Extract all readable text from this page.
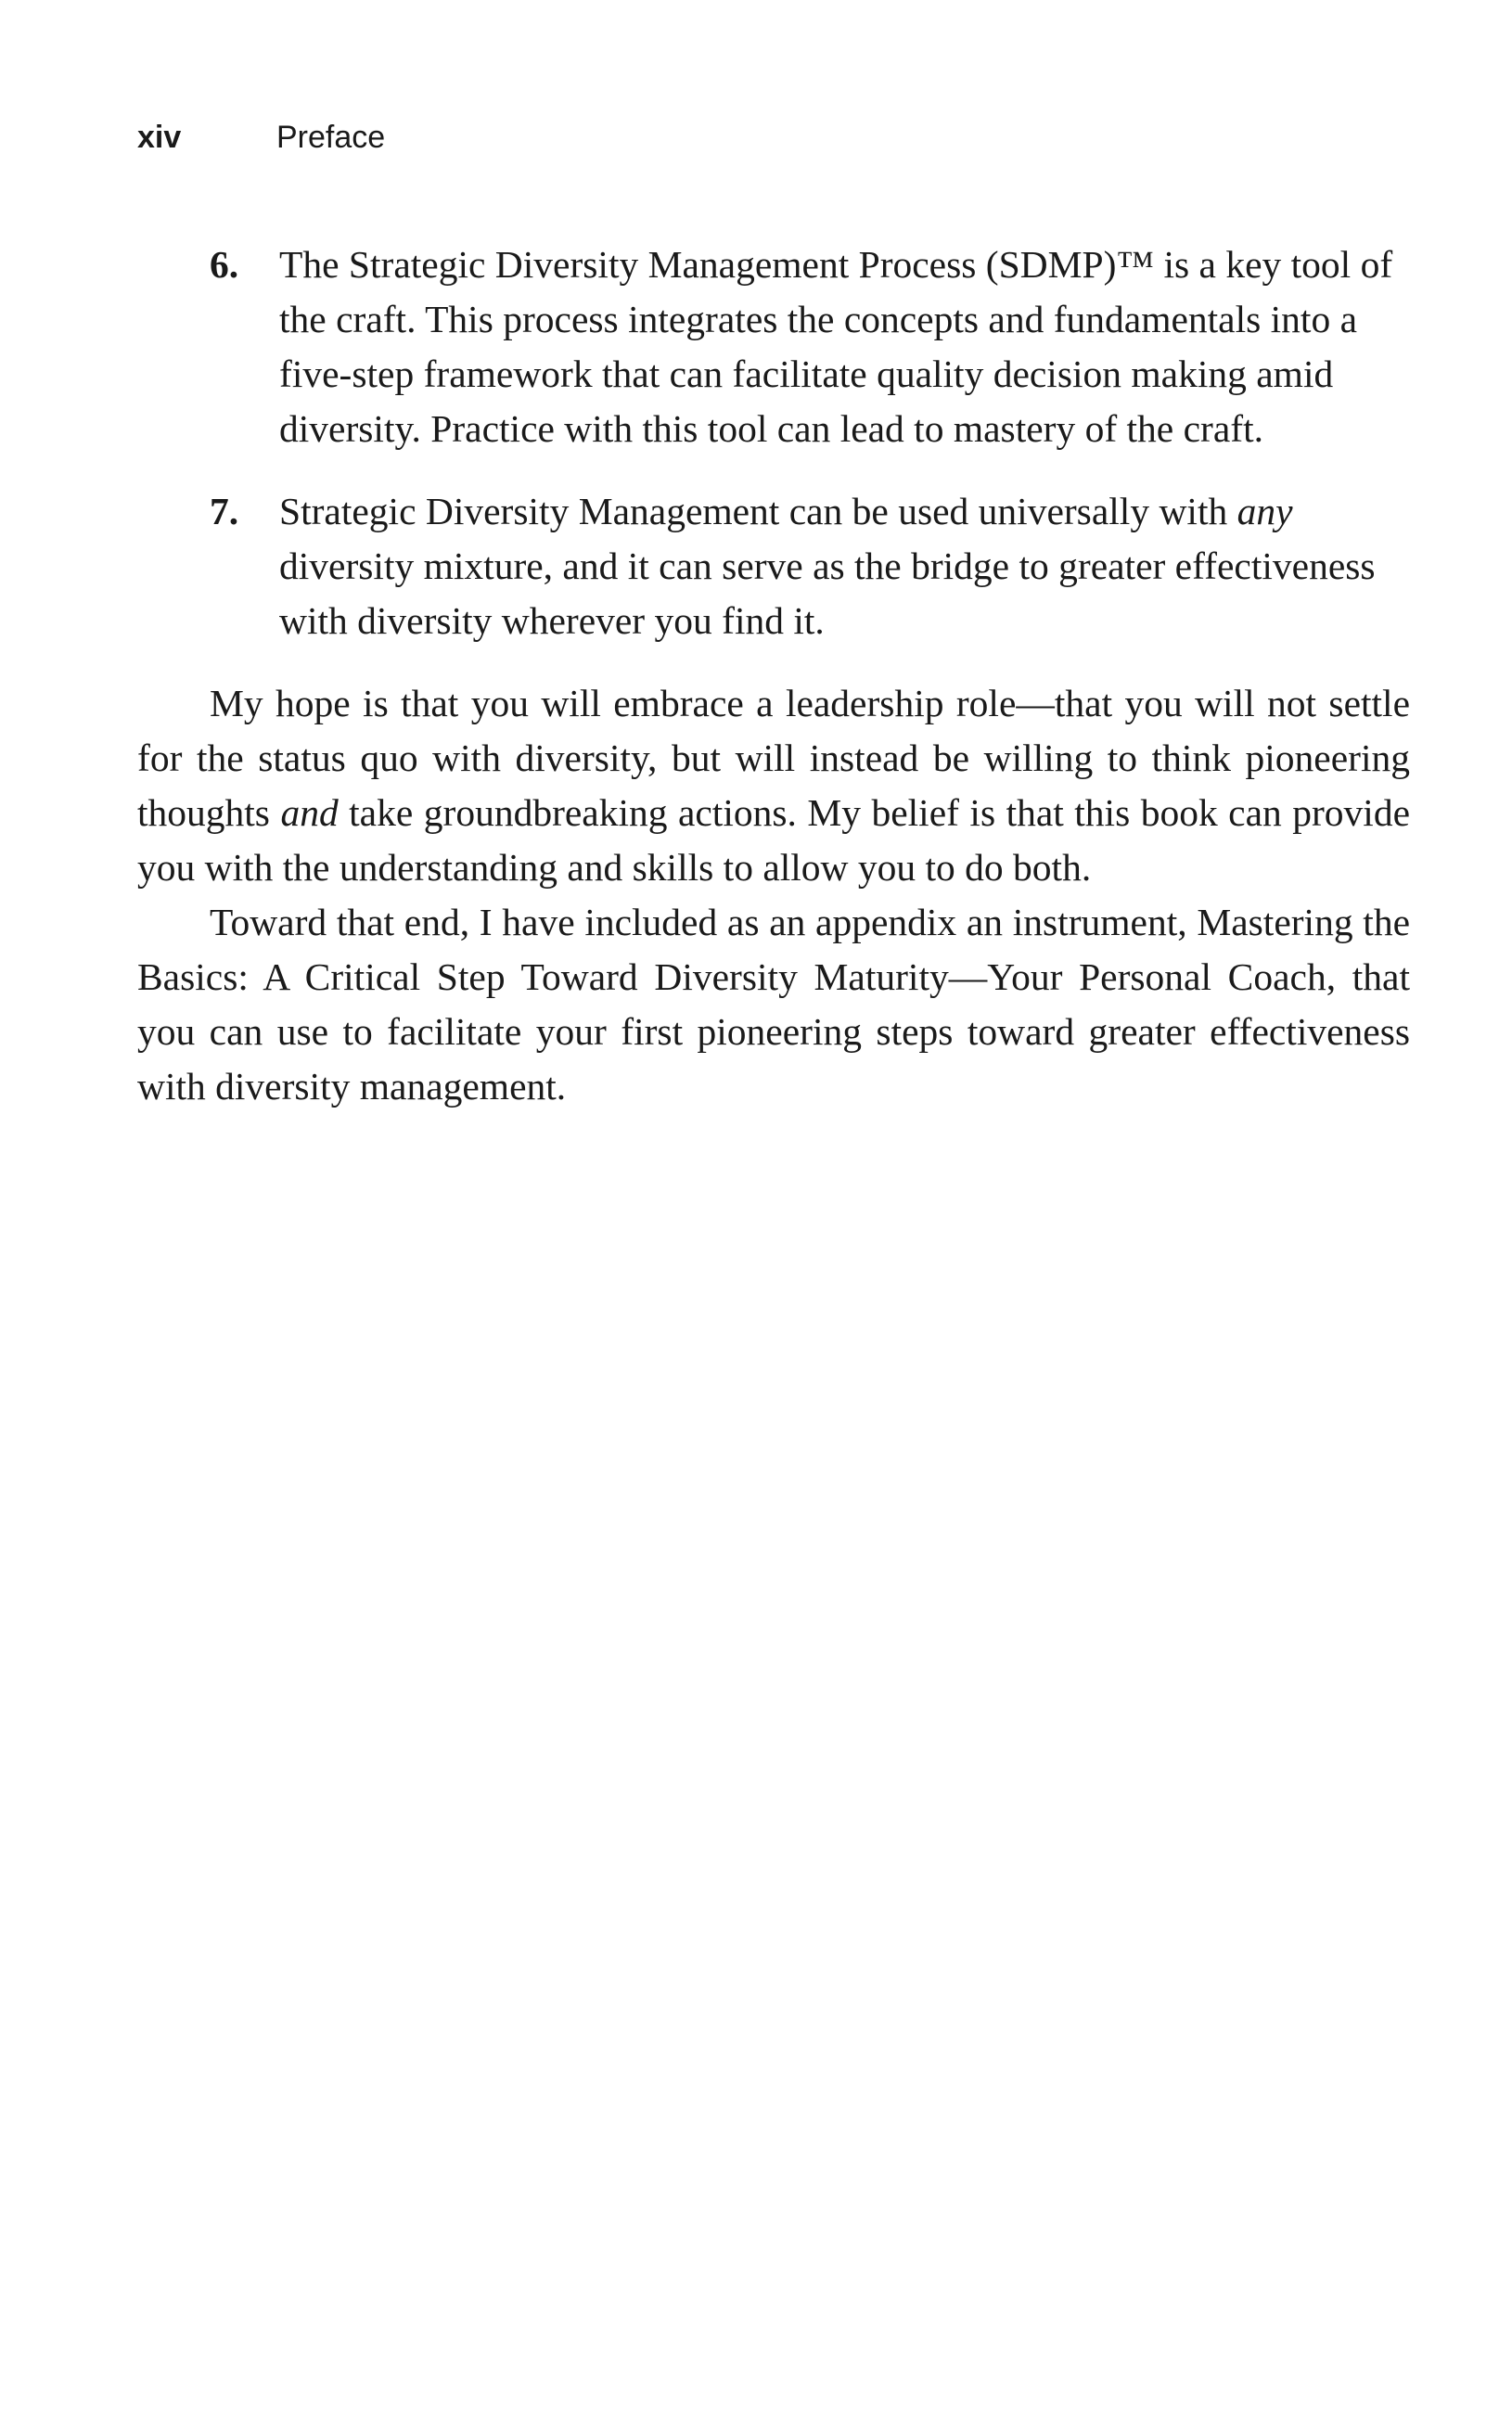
xiv	Preface
6. The Strategic Diversity Management Process (SDMP)™ is a key tool of the craft. This process integrates the concepts and fundamentals into a five-step framework that can facilitate quality decision making amid diversity. Practice with this tool can lead to mastery of the craft.
7. Strategic Diversity Management can be used universally with any diversity mixture, and it can serve as the bridge to greater effectiveness with diversity wherever you find it.

My hope is that you will embrace a leadership role—that you will not settle for the status quo with diversity, but will instead be willing to think pioneering thoughts and take groundbreaking actions. My belief is that this book can provide you with the understanding and skills to allow you to do both.

Toward that end, I have included as an appendix an instrument, Mastering the Basics: A Critical Step Toward Diversity Maturity—Your Personal Coach, that you can use to facilitate your first pioneering steps toward greater effectiveness with diversity management.
